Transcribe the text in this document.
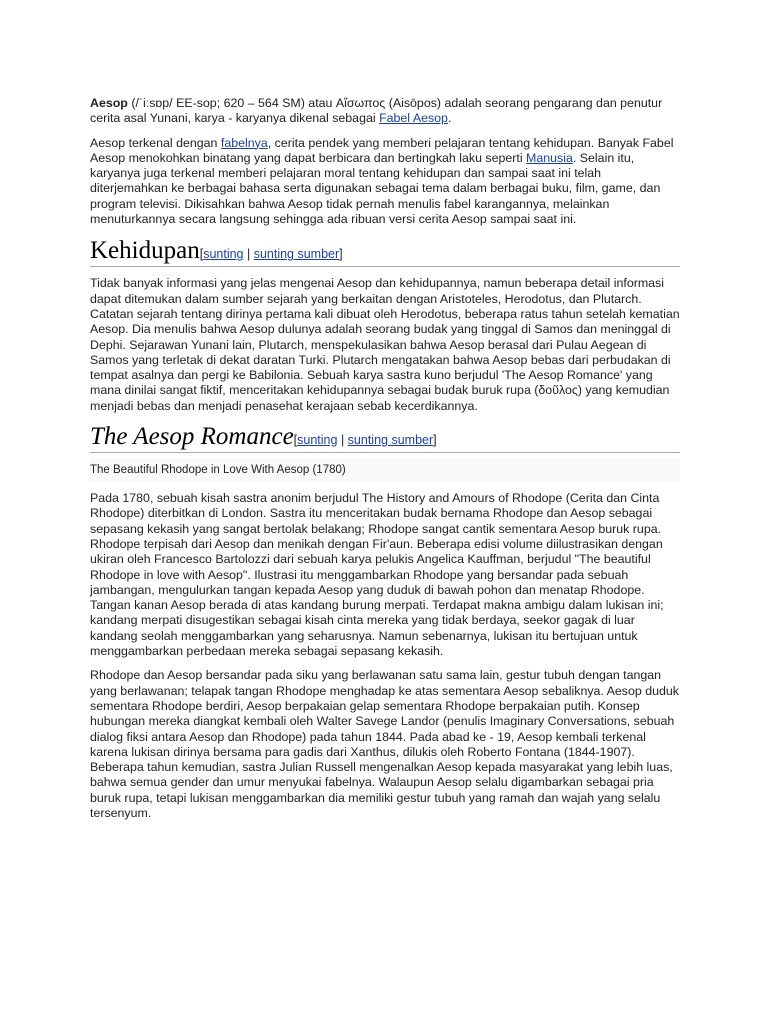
Aesop (/ˈiːsɒp/ EE-sop; 620 – 564 SM) atau Αἴσωπος (Aisōpos) adalah seorang pengarang dan penutur cerita asal Yunani, karya - karyanya dikenal sebagai Fabel Aesop.

Aesop terkenal dengan fabelnya, cerita pendek yang memberi pelajaran tentang kehidupan. Banyak Fabel Aesop menokohkan binatang yang dapat berbicara dan bertingkah laku seperti Manusia. Selain itu, karyanya juga terkenal memberi pelajaran moral tentang kehidupan dan sampai saat ini telah diterjemahkan ke berbagai bahasa serta digunakan sebagai tema dalam berbagai buku, film, game, dan program televisi. Dikisahkan bahwa Aesop tidak pernah menulis fabel karangannya, melainkan menuturkannya secara langsung sehingga ada ribuan versi cerita Aesop sampai saat ini.

Kehidupan[sunting | sunting sumber]

Tidak banyak informasi yang jelas mengenai Aesop dan kehidupannya, namun beberapa detail informasi dapat ditemukan dalam sumber sejarah yang berkaitan dengan Aristoteles, Herodotus, dan Plutarch. Catatan sejarah tentang dirinya pertama kali dibuat oleh Herodotus, beberapa ratus tahun setelah kematian Aesop. Dia menulis bahwa Aesop dulunya adalah seorang budak yang tinggal di Samos dan meninggal di Dephi. Sejarawan Yunani lain, Plutarch, menspekulasikan bahwa Aesop berasal dari Pulau Aegean di Samos yang terletak di dekat daratan Turki. Plutarch mengatakan bahwa Aesop bebas dari perbudakan di tempat asalnya dan pergi ke Babilonia. Sebuah karya sastra kuno berjudul 'The Aesop Romance' yang mana dinilai sangat fiktif, menceritakan kehidupannya sebagai budak buruk rupa (δοῦλος) yang kemudian menjadi bebas dan menjadi penasehat kerajaan sebab kecerdikannya.

The Aesop Romance[sunting | sunting sumber]
The Beautiful Rhodope in Love With Aesop (1780)

Pada 1780, sebuah kisah sastra anonim berjudul The History and Amours of Rhodope (Cerita dan Cinta Rhodope) diterbitkan di London. Sastra itu menceritakan budak bernama Rhodope dan Aesop sebagai sepasang kekasih yang sangat bertolak belakang; Rhodope sangat cantik sementara Aesop buruk rupa. Rhodope terpisah dari Aesop dan menikah dengan Fir'aun. Beberapa edisi volume diilustrasikan dengan ukiran oleh Francesco Bartolozzi dari sebuah karya pelukis Angelica Kauffman, berjudul "The beautiful Rhodope in love with Aesop". Ilustrasi itu menggambarkan Rhodope yang bersandar pada sebuah jambangan, mengulurkan tangan kepada Aesop yang duduk di bawah pohon dan menatap Rhodope. Tangan kanan Aesop berada di atas kandang burung merpati. Terdapat makna ambigu dalam lukisan ini; kandang merpati disugestikan sebagai kisah cinta mereka yang tidak berdaya, seekor gagak di luar kandang seolah menggambarkan yang seharusnya. Namun sebenarnya, lukisan itu bertujuan untuk menggambarkan perbedaan mereka sebagai sepasang kekasih.

Rhodope dan Aesop bersandar pada siku yang berlawanan satu sama lain, gestur tubuh dengan tangan yang berlawanan; telapak tangan Rhodope menghadap ke atas sementara Aesop sebaliknya. Aesop duduk sementara Rhodope berdiri, Aesop berpakaian gelap sementara Rhodope berpakaian putih. Konsep hubungan mereka diangkat kembali oleh Walter Savege Landor (penulis Imaginary Conversations, sebuah dialog fiksi antara Aesop dan Rhodope) pada tahun 1844. Pada abad ke - 19, Aesop kembali terkenal karena lukisan dirinya bersama para gadis dari Xanthus, dilukis oleh Roberto Fontana (1844-1907). Beberapa tahun kemudian, sastra Julian Russell mengenalkan Aesop kepada masyarakat yang lebih luas, bahwa semua gender dan umur menyukai fabelnya. Walaupun Aesop selalu digambarkan sebagai pria buruk rupa, tetapi lukisan menggambarkan dia memiliki gestur tubuh yang ramah dan wajah yang selalu tersenyum.
